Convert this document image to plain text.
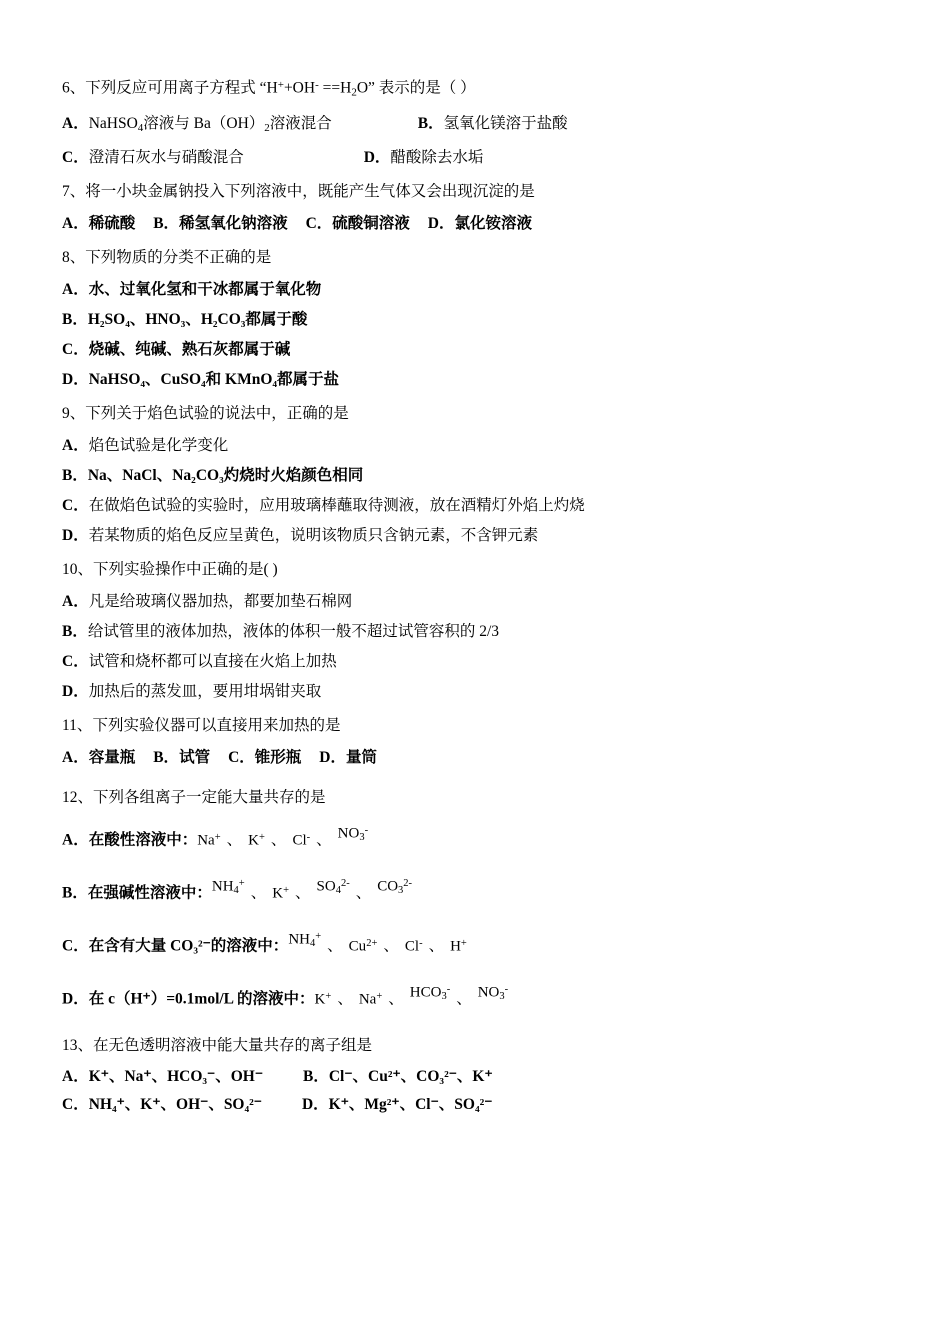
6、下列反应可用离子方程式 “$H^++OH^- ==H_2O$” 表示的是（ ）

A．NaHSO$_4$溶液与 $Ba(OH)_2$溶液混合	B．氢氧化镁溶于盐酸

C．澄清石灰水与硝酸混合	D．醋酸除去水垢

7、将一小块金属钠投入下列溶液中，既能产生气体又会出现沉淀的是

A．稀硫酸 B．稀氢氧化钠溶液 C．硫酸铜溶液 D．氯化铵溶液

8、下列物质的分类不正确的是

A．水、过氧化氢和干冰都属于氧化物

B．H₂SO₄、HNO₃、H₂CO₃都属于酸

C．烧碱、纯碱、熟石灰都属于碱

D．NaHSO₄、CuSO₄和 KMnO₄都属于盐

9、下列关于焰色试验的说法中，正确的是

A．焰色试验是化学变化

B．Na、NaCl、Na₂CO₃灼烧时火焰颜色相同

C．在做焰色试验的实验时，应用玻璃棒蘸取待测液，放在酒精灯外焰上灼烧

D．若某物质的焰色反应呈黄色，说明该物质只含钠元素，不含钾元素

10、下列实验操作中正确的是( )

A．凡是给玻璃仪器加热，都要加垫石棉网

B．给试管里的液体加热，液体的体积一般不超过试管容积的 2/3

C．试管和烧杯都可以直接在火焰上加热

D．加热后的蒸发皿，要用坩埚钳夹取

11、下列实验仪器可以直接用来加热的是

A．容量瓶 B．试管 C．锥形瓶 D．量筒

12、下列各组离子一定能大量共存的是

A．在酸性溶液中：Na+ 、 K+ 、 Cl- 、 $NO_3^-$

B．在强碱性溶液中：$NH_4^+$、 K+ 、 $SO_4^{2-}$、 $CO_3^{2-}$

C．在含有大量 CO₃²⁻的溶液中：$NH_4^+$、 $Cu^{2+}$ 、 Cl- 、 H+

D．在 c（H⁺）=0.1mol/L 的溶液中：K+ 、 Na+ 、 $HCO_3^-$、 $NO_3^-$

13、在无色透明溶液中能大量共存的离子组是

A．K⁺、Na⁺、HCO₃⁻、OH⁻	B．Cl⁻、Cu²⁺、CO₃²⁻、K⁺

C．NH₄⁺、K⁺、OH⁻、SO₄²⁻	D．K⁺、Mg²⁺、Cl⁻、SO₄²⁻
